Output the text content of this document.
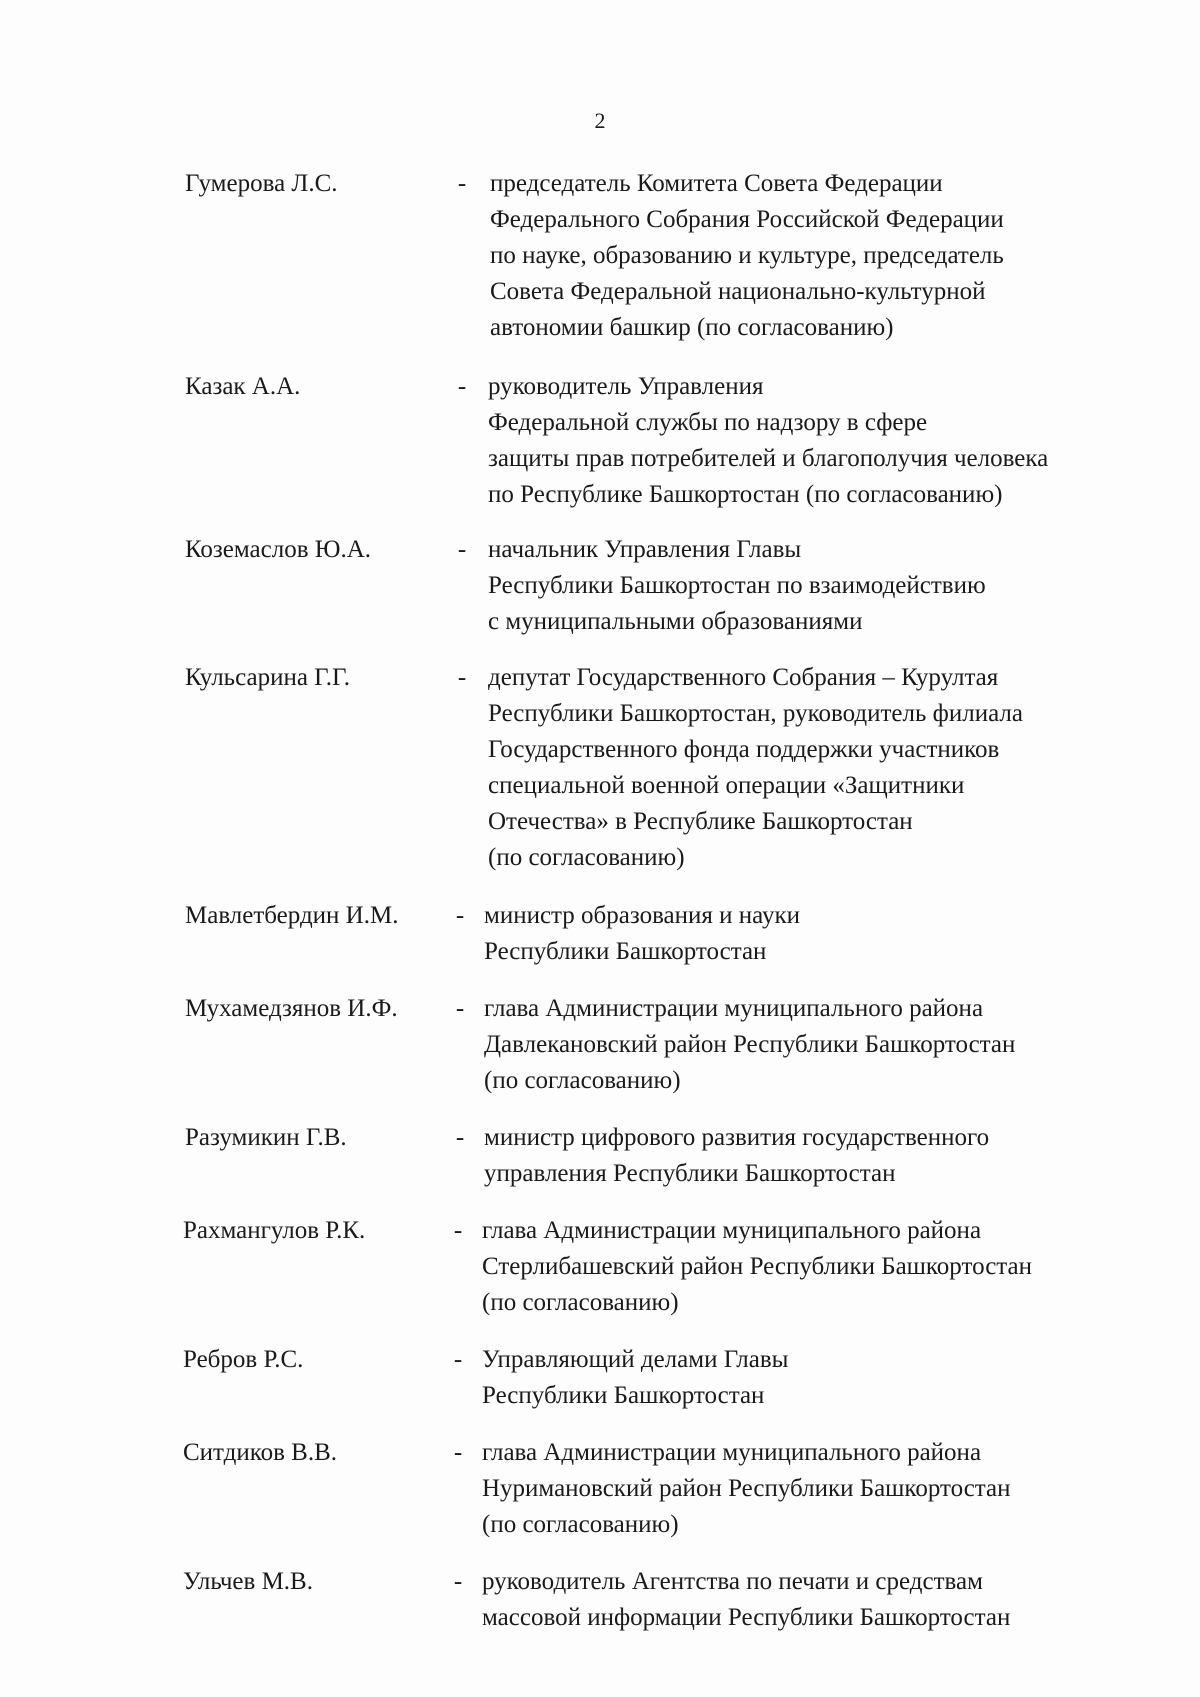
2
Гумерова Л.С.	- председатель Комитета Совета Федерации
Федерального Собрания Российской Федерации
по науке, образованию и культуре, председатель
Совета Федеральной национально-культурной
автономии башкир (по согласованию)
Казак А.А.	- руководитель Управления
Федеральной службы по надзору в сфере
защиты прав потребителей и благополучия человека
по Республике Башкортостан (по согласованию)
Коземаслов Ю.А.	- начальник Управления Главы
Республики Башкортостан по взаимодействию
с муниципальными образованиями
Кульсарина Г.Г.	- депутат Государственного Собрания – Курултая
Республики Башкортостан, руководитель филиала
Государственного фонда поддержки участников
специальной военной операции «Защитники
Отечества» в Республике Башкортостан
(по согласованию)
Мавлетбердин И.М.	- министр образования и науки
Республики Башкортостан
Мухамедзянов И.Ф.	- глава Администрации муниципального района
Давлекановский район Республики Башкортостан
(по согласованию)
Разумикин Г.В.	- министр цифрового развития государственного
управления Республики Башкортостан
Рахмангулов Р.К.	- глава Администрации муниципального района
Стерлибашевский район Республики Башкортостан
(по согласованию)
Ребров Р.С.	- Управляющий делами Главы
Республики Башкортостан
Ситдиков В.В.	- глава Администрации муниципального района
Нуримановский район Республики Башкортостан
(по согласованию)
Ульчев М.В.	- руководитель Агентства по печати и средствам
массовой информации Республики Башкортостан
